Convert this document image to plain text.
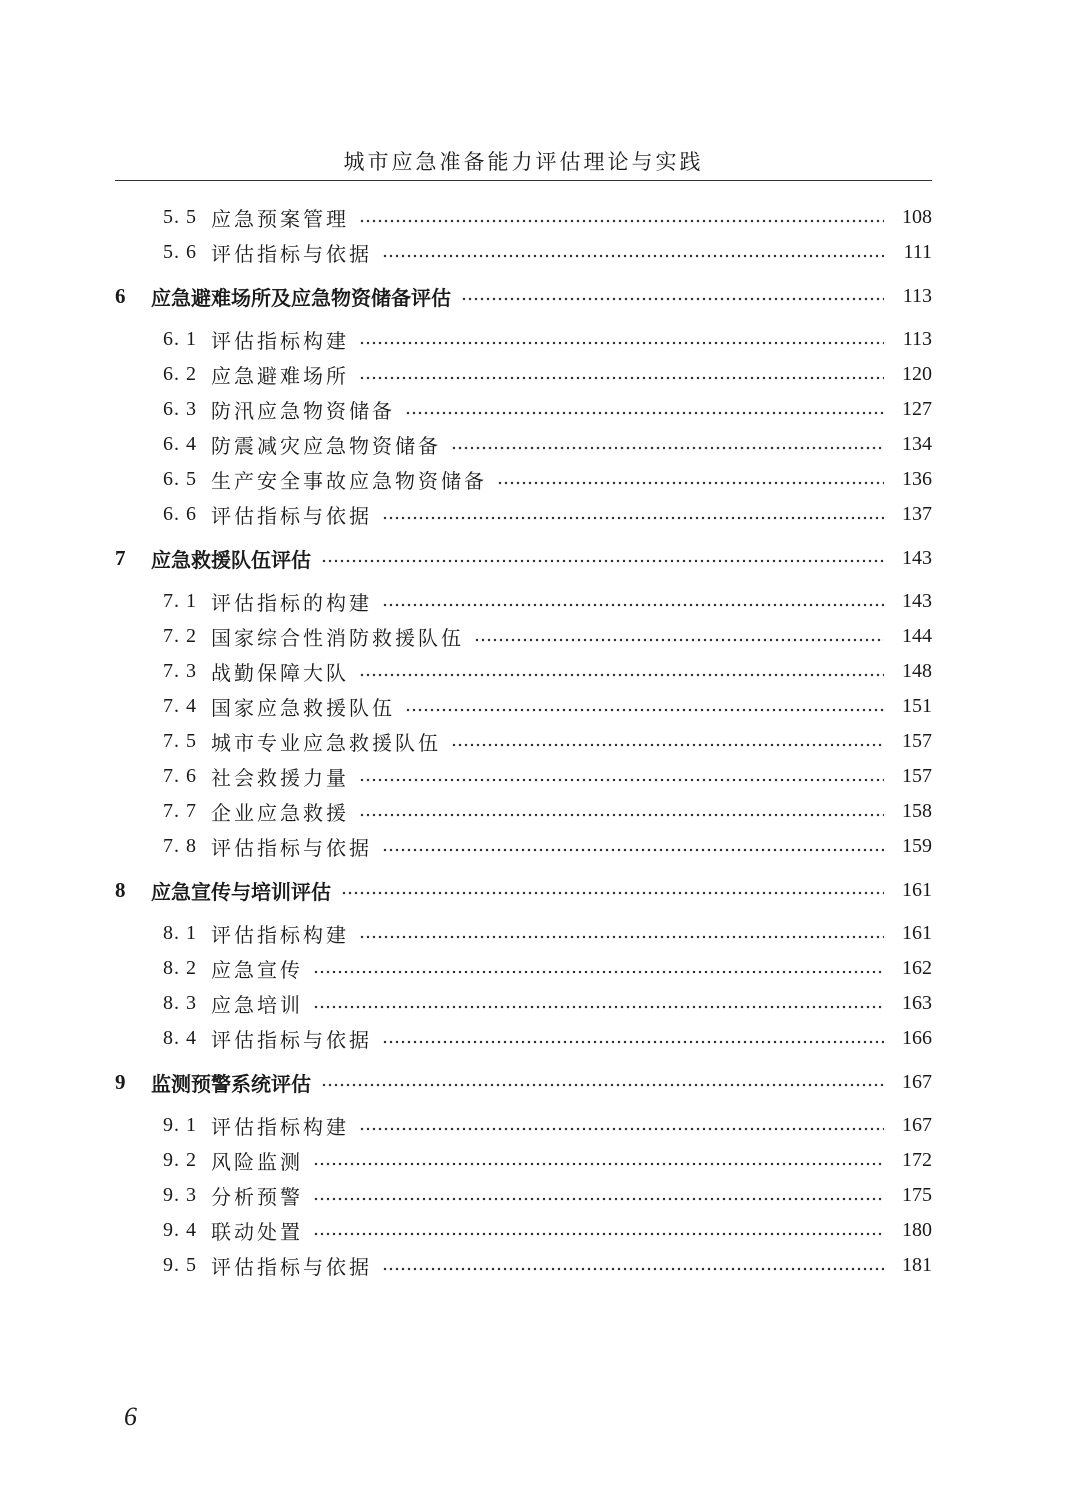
城市应急准备能力评估理论与实践
5. 5 应急预案管理	108
5. 6 评估指标与依据	111
6	应急避难场所及应急物资储备评估	113
6. 1 评估指标构建	113
6. 2 应急避难场所	120
6. 3 防汛应急物资储备	127
6. 4 防震减灾应急物资储备	134
6. 5 生产安全事故应急物资储备	136
6. 6 评估指标与依据	137
7	应急救援队伍评估	143
7. 1 评估指标的构建	143
7. 2 国家综合性消防救援队伍	144
7. 3 战勤保障大队	148
7. 4 国家应急救援队伍	151
7. 5 城市专业应急救援队伍	157
7. 6 社会救援力量	157
7. 7 企业应急救援	158
7. 8 评估指标与依据	159
8	应急宣传与培训评估	161
8. 1 评估指标构建	161
8. 2 应急宣传	162
8. 3 应急培训	163
8. 4 评估指标与依据	166
9	监测预警系统评估	167
9. 1 评估指标构建	167
9. 2 风险监测	172
9. 3 分析预警	175
9. 4 联动处置	180
9. 5 评估指标与依据	181
6
